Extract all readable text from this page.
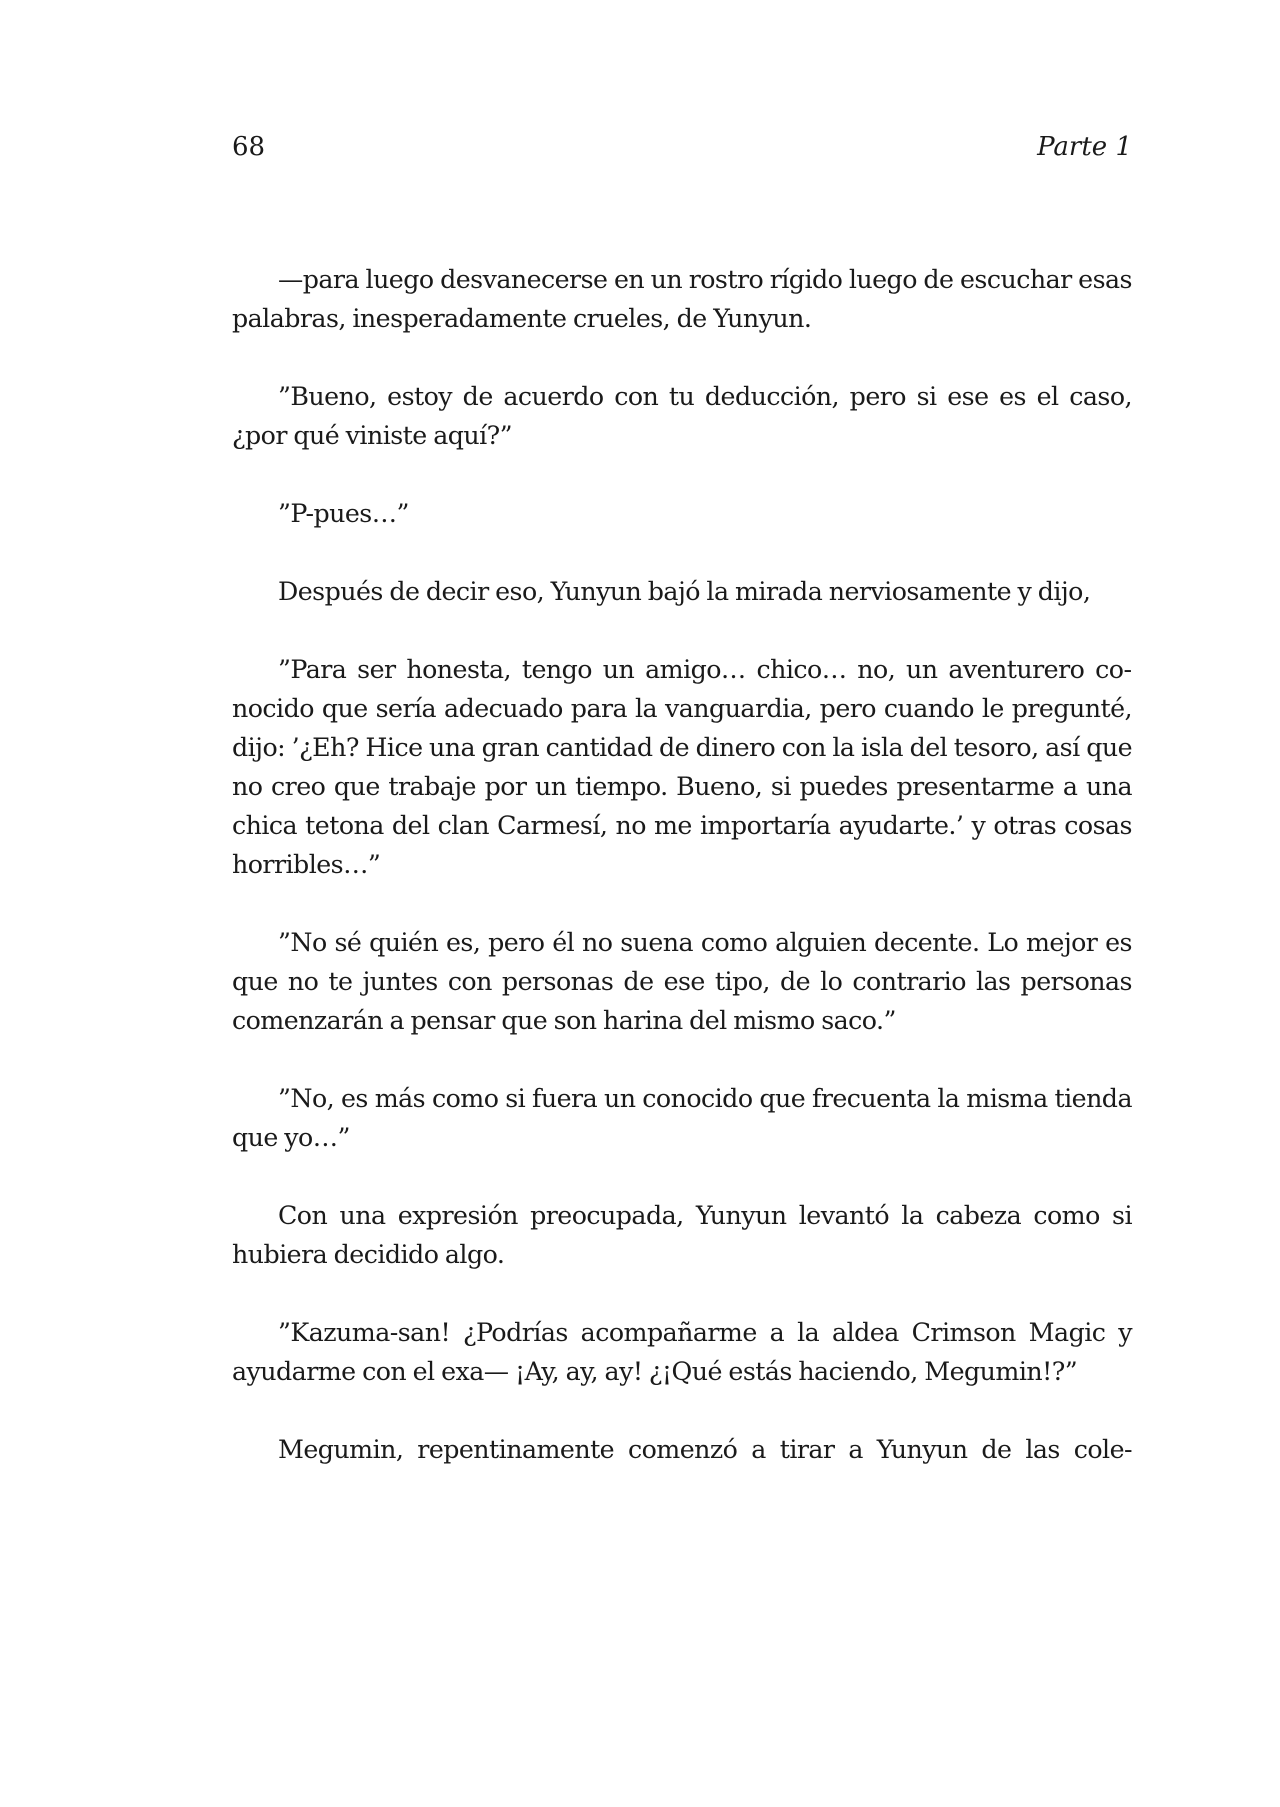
68	Parte 1

—para luego desvanecerse en un rostro rígido luego de escuchar esas palabras, inesperadamente crueles, de Yunyun.

”Bueno, estoy de acuerdo con tu deducción, pero si ese es el caso, ¿por qué viniste aquí?”

”P-pues…”

Después de decir eso, Yunyun bajó la mirada nerviosamente y dijo,

”Para ser honesta, tengo un amigo… chico… no, un aventurero conocido que sería adecuado para la vanguardia, pero cuando le pregunté, dijo: ’¿Eh? Hice una gran cantidad de dinero con la isla del tesoro, así que no creo que trabaje por un tiempo. Bueno, si puedes presentarme a una chica tetona del clan Carmesí, no me importaría ayudarte.’ y otras cosas horribles…”

”No sé quién es, pero él no suena como alguien decente. Lo mejor es que no te juntes con personas de ese tipo, de lo contrario las personas comenzarán a pensar que son harina del mismo saco.”

”No, es más como si fuera un conocido que frecuenta la misma tienda que yo…”

Con una expresión preocupada, Yunyun levantó la cabeza como si hubiera decidido algo.

”Kazuma-san! ¿Podrías acompañarme a la aldea Crimson Magic y ayudarme con el exa— ¡Ay, ay, ay! ¿¡Qué estás haciendo, Megumin!?”

Megumin, repentinamente comenzó a tirar a Yunyun de las cole-
